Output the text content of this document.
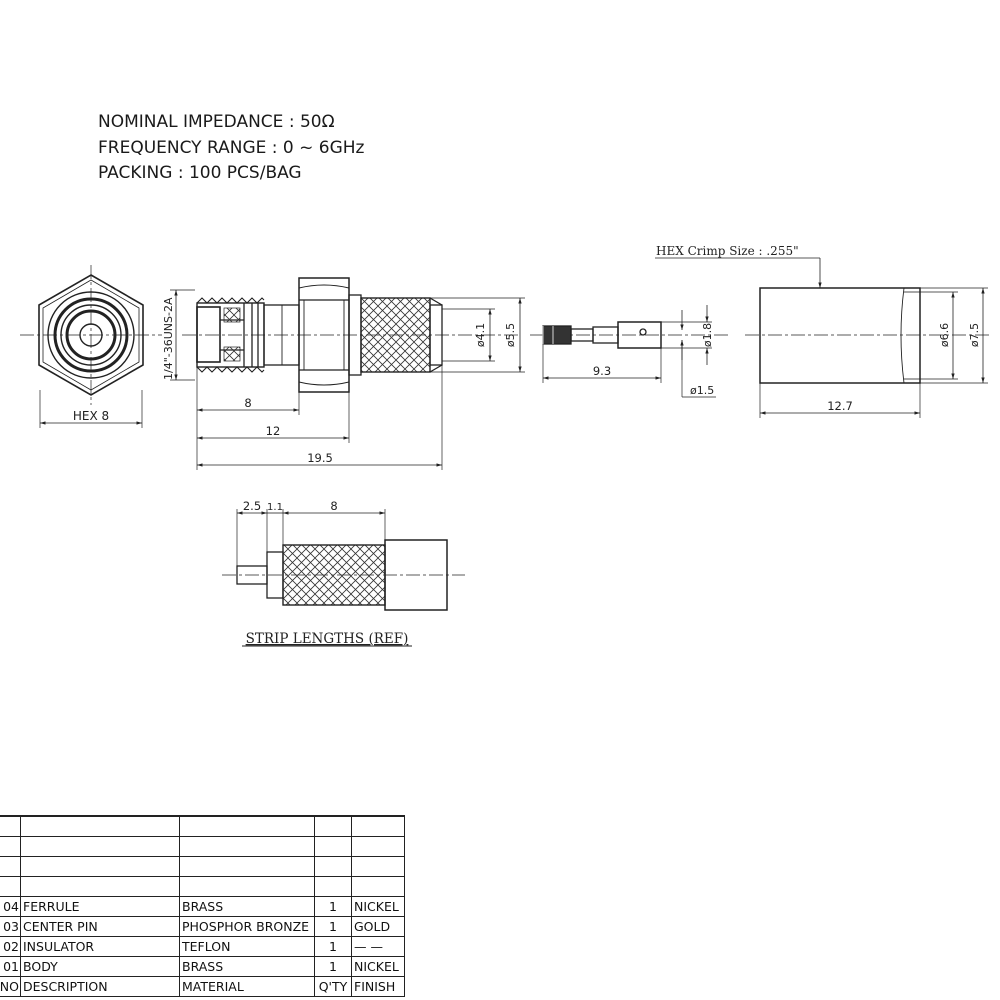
NOMINAL IMPEDANCE : 50Ω
FREQUENCY RANGE : 0 ~ 6GHz
PACKING : 100 PCS/BAG
HEX 8
1/4"-36UNS-2A
8
12
19.5
ø4.1 ø5.5
9.3
ø1.8
ø1.5
HEX Crimp Size : .255"
12.7
ø6.6 ø7.5
2.5 1.1	8
STRIP LENGTHS (REF)

04	FERRULE	BRASS	1	NICKEL
03	CENTER PIN	PHOSPHOR BRONZE	1	GOLD
02	INSULATOR	TEFLON	1	— —
01	BODY	BRASS	1	NICKEL
NO	DESCRIPTION	MATERIAL	Q'TY	FINISH
